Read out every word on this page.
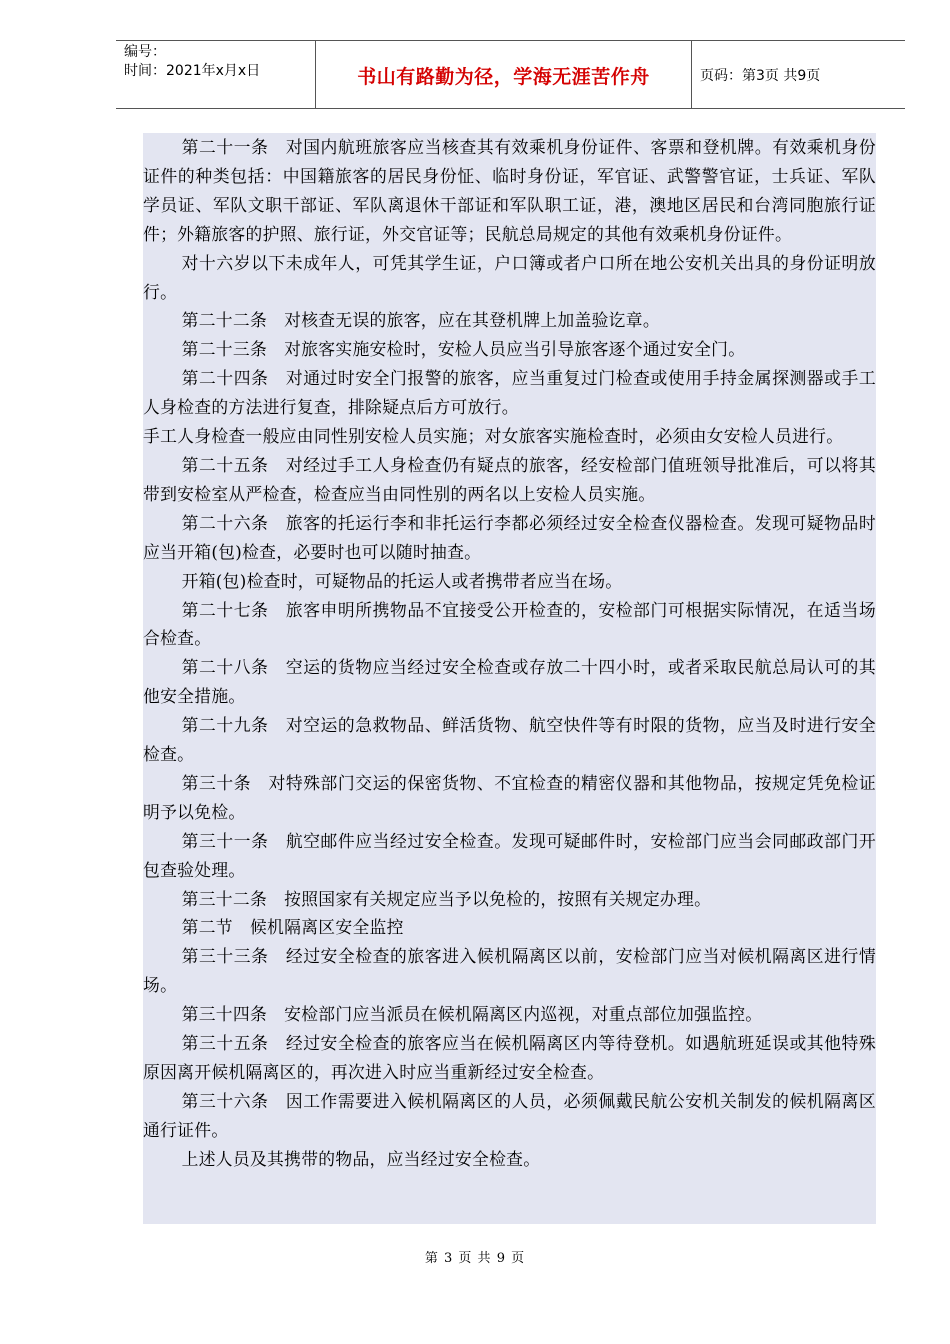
编号：
时间：2021年x月x日	书山有路勤为径，学海无涯苦作舟	页码：第3页 共9页

第二十一条　对国内航班旅客应当核查其有效乘机身份证件、客票和登机牌。有效乘机身份证件的种类包括：中国籍旅客的居民身份怔、临时身份证，军官证、武警警官证，士兵证、军队学员证、军队文职干部证、军队离退休干部证和军队职工证，港，澳地区居民和台湾同胞旅行证件；外籍旅客的护照、旅行证，外交官证等；民航总局规定的其他有效乘机身份证件。

对十六岁以下未成年人，可凭其学生证，户口簿或者户口所在地公安机关出具的身份证明放行。

第二十二条　对核查无误的旅客，应在其登机牌上加盖验讫章。

第二十三条　对旅客实施安检时，安检人员应当引导旅客逐个通过安全门。

第二十四条　对通过时安全门报警的旅客，应当重复过门检查或使用手持金属探测器或手工人身检查的方法进行复查，排除疑点后方可放行。

手工人身检查一般应由同性别安检人员实施；对女旅客实施检查时，必须由女安检人员进行。

第二十五条　对经过手工人身检查仍有疑点的旅客，经安检部门值班领导批准后，可以将其带到安检室从严检查，检查应当由同性别的两名以上安检人员实施。

第二十六条　旅客的托运行李和非托运行李都必须经过安全检查仪器检查。发现可疑物品时应当开箱(包)检查，必要时也可以随时抽查。

开箱(包)检查时，可疑物品的托运人或者携带者应当在场。

第二十七条　旅客申明所携物品不宜接受公开检查的，安检部门可根据实际情况，在适当场合检查。

第二十八条　空运的货物应当经过安全检查或存放二十四小时，或者采取民航总局认可的其他安全措施。

第二十九条　对空运的急救物品、鲜活货物、航空快件等有时限的货物，应当及时进行安全检查。

第三十条　对特殊部门交运的保密货物、不宜检查的精密仪器和其他物品，按规定凭免检证明予以免检。

第三十一条　航空邮件应当经过安全检查。发现可疑邮件时，安检部门应当会同邮政部门开包查验处理。

第三十二条　按照国家有关规定应当予以免检的，按照有关规定办理。

第二节　候机隔离区安全监控

第三十三条　经过安全检查的旅客进入候机隔离区以前，安检部门应当对候机隔离区进行情场。

第三十四条　安检部门应当派员在候机隔离区内巡视，对重点部位加强监控。

第三十五条　经过安全检查的旅客应当在候机隔离区内等待登机。如遇航班延误或其他特殊原因离开候机隔离区的，再次进入时应当重新经过安全检查。

第三十六条　因工作需要进入候机隔离区的人员，必须佩戴民航公安机关制发的候机隔离区通行证件。

上述人员及其携带的物品，应当经过安全检查。

第 3 页 共 9 页
